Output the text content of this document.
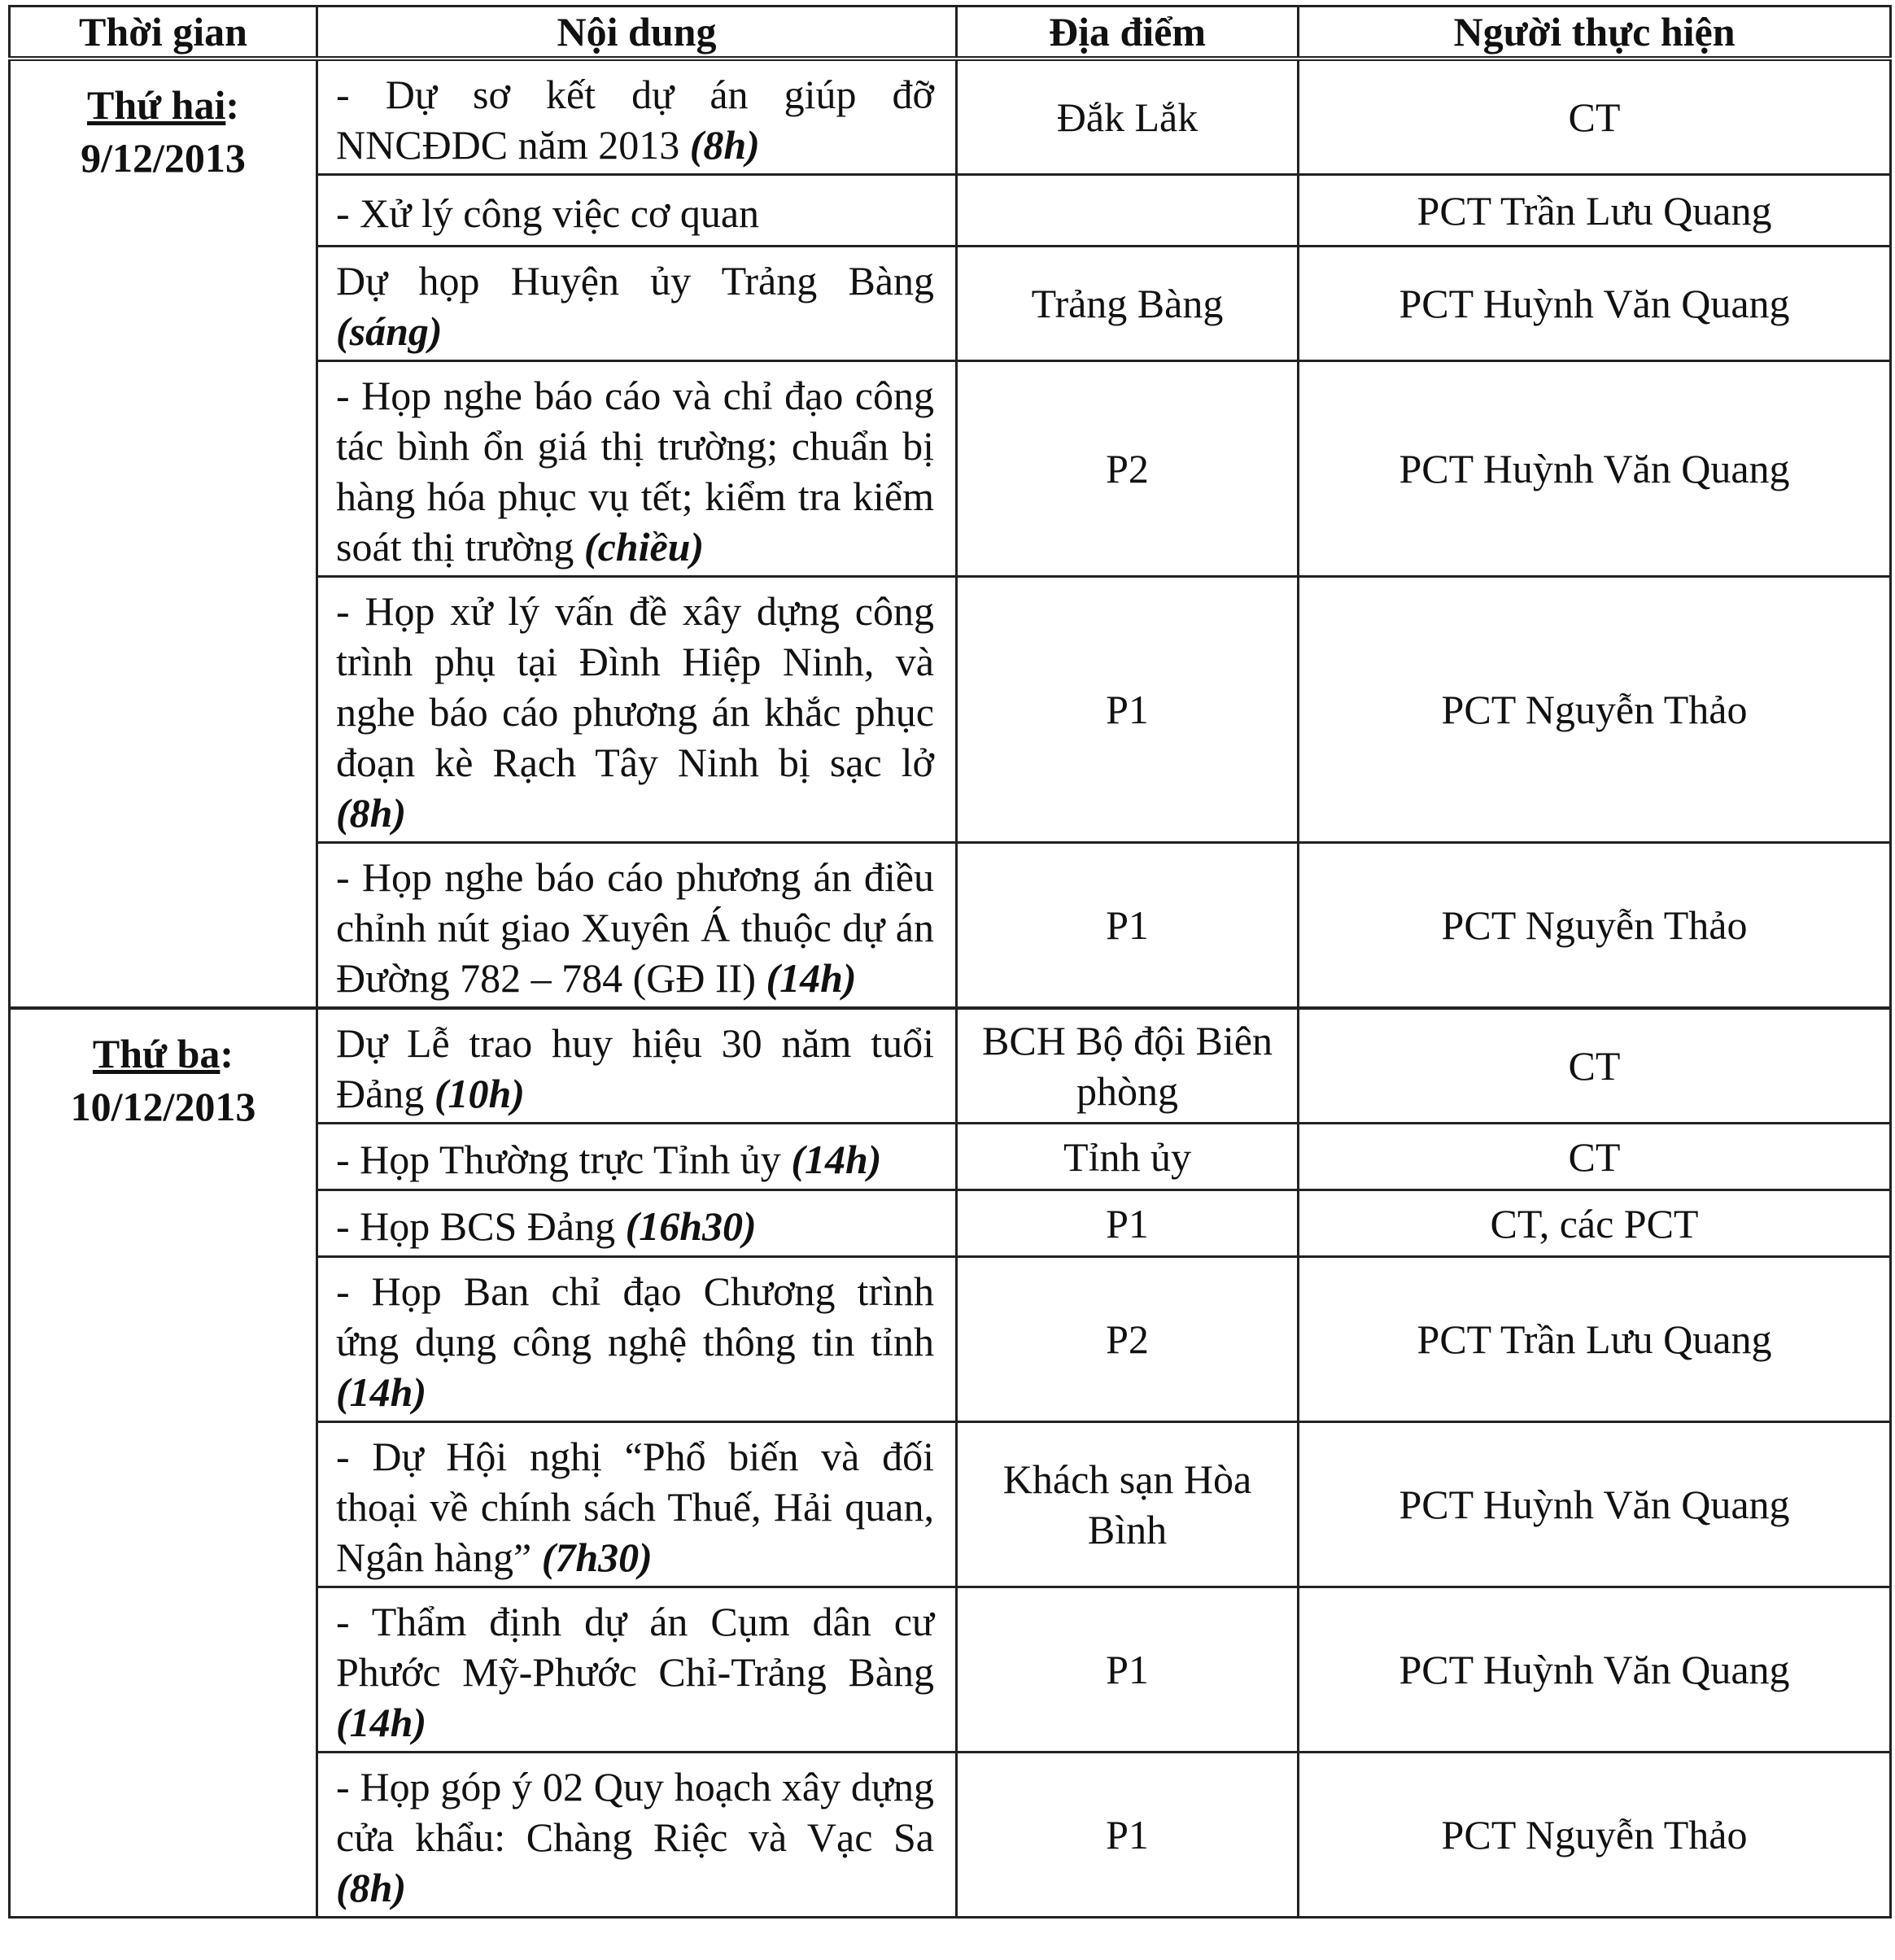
Thời gian	Nội dung	Địa điểm	Người thực hiện

Thứ hai:
9/12/2013	- Dự sơ kết dự án giúp đỡ NNCĐDC năm 2013 (8h)	Đắk Lắk	CT
	- Xử lý công việc cơ quan		PCT Trần Lưu Quang
	Dự họp Huyện ủy Trảng Bàng (sáng)	Trảng Bàng	PCT Huỳnh Văn Quang
	- Họp nghe báo cáo và chỉ đạo công tác bình ổn giá thị trường; chuẩn bị hàng hóa phục vụ tết; kiểm tra kiểm soát thị trường (chiều)	P2	PCT Huỳnh Văn Quang
	- Họp xử lý vấn đề xây dựng công trình phụ tại Đình Hiệp Ninh, và nghe báo cáo phương án khắc phục đoạn kè Rạch Tây Ninh bị sạc lở (8h)	P1	PCT Nguyễn Thảo
	- Họp nghe báo cáo phương án điều chỉnh nút giao Xuyên Á thuộc dự án Đường 782 – 784 (GĐ II) (14h)	P1	PCT Nguyễn Thảo

Thứ ba:
10/12/2013	Dự Lễ trao huy hiệu 30 năm tuổi Đảng (10h)	BCH Bộ đội Biên phòng	CT
	- Họp Thường trực Tỉnh ủy (14h)	Tỉnh ủy	CT
	- Họp BCS Đảng (16h30)	P1	CT, các PCT
	- Họp Ban chỉ đạo Chương trình ứng dụng công nghệ thông tin tỉnh (14h)	P2	PCT Trần Lưu Quang
	- Dự Hội nghị “Phổ biến và đối thoại về chính sách Thuế, Hải quan, Ngân hàng” (7h30)	Khách sạn Hòa Bình	PCT Huỳnh Văn Quang
	- Thẩm định dự án Cụm dân cư Phước Mỹ-Phước Chỉ-Trảng Bàng (14h)	P1	PCT Huỳnh Văn Quang
	- Họp góp ý 02 Quy hoạch xây dựng cửa khẩu: Chàng Riệc và Vạc Sa (8h)	P1	PCT Nguyễn Thảo
